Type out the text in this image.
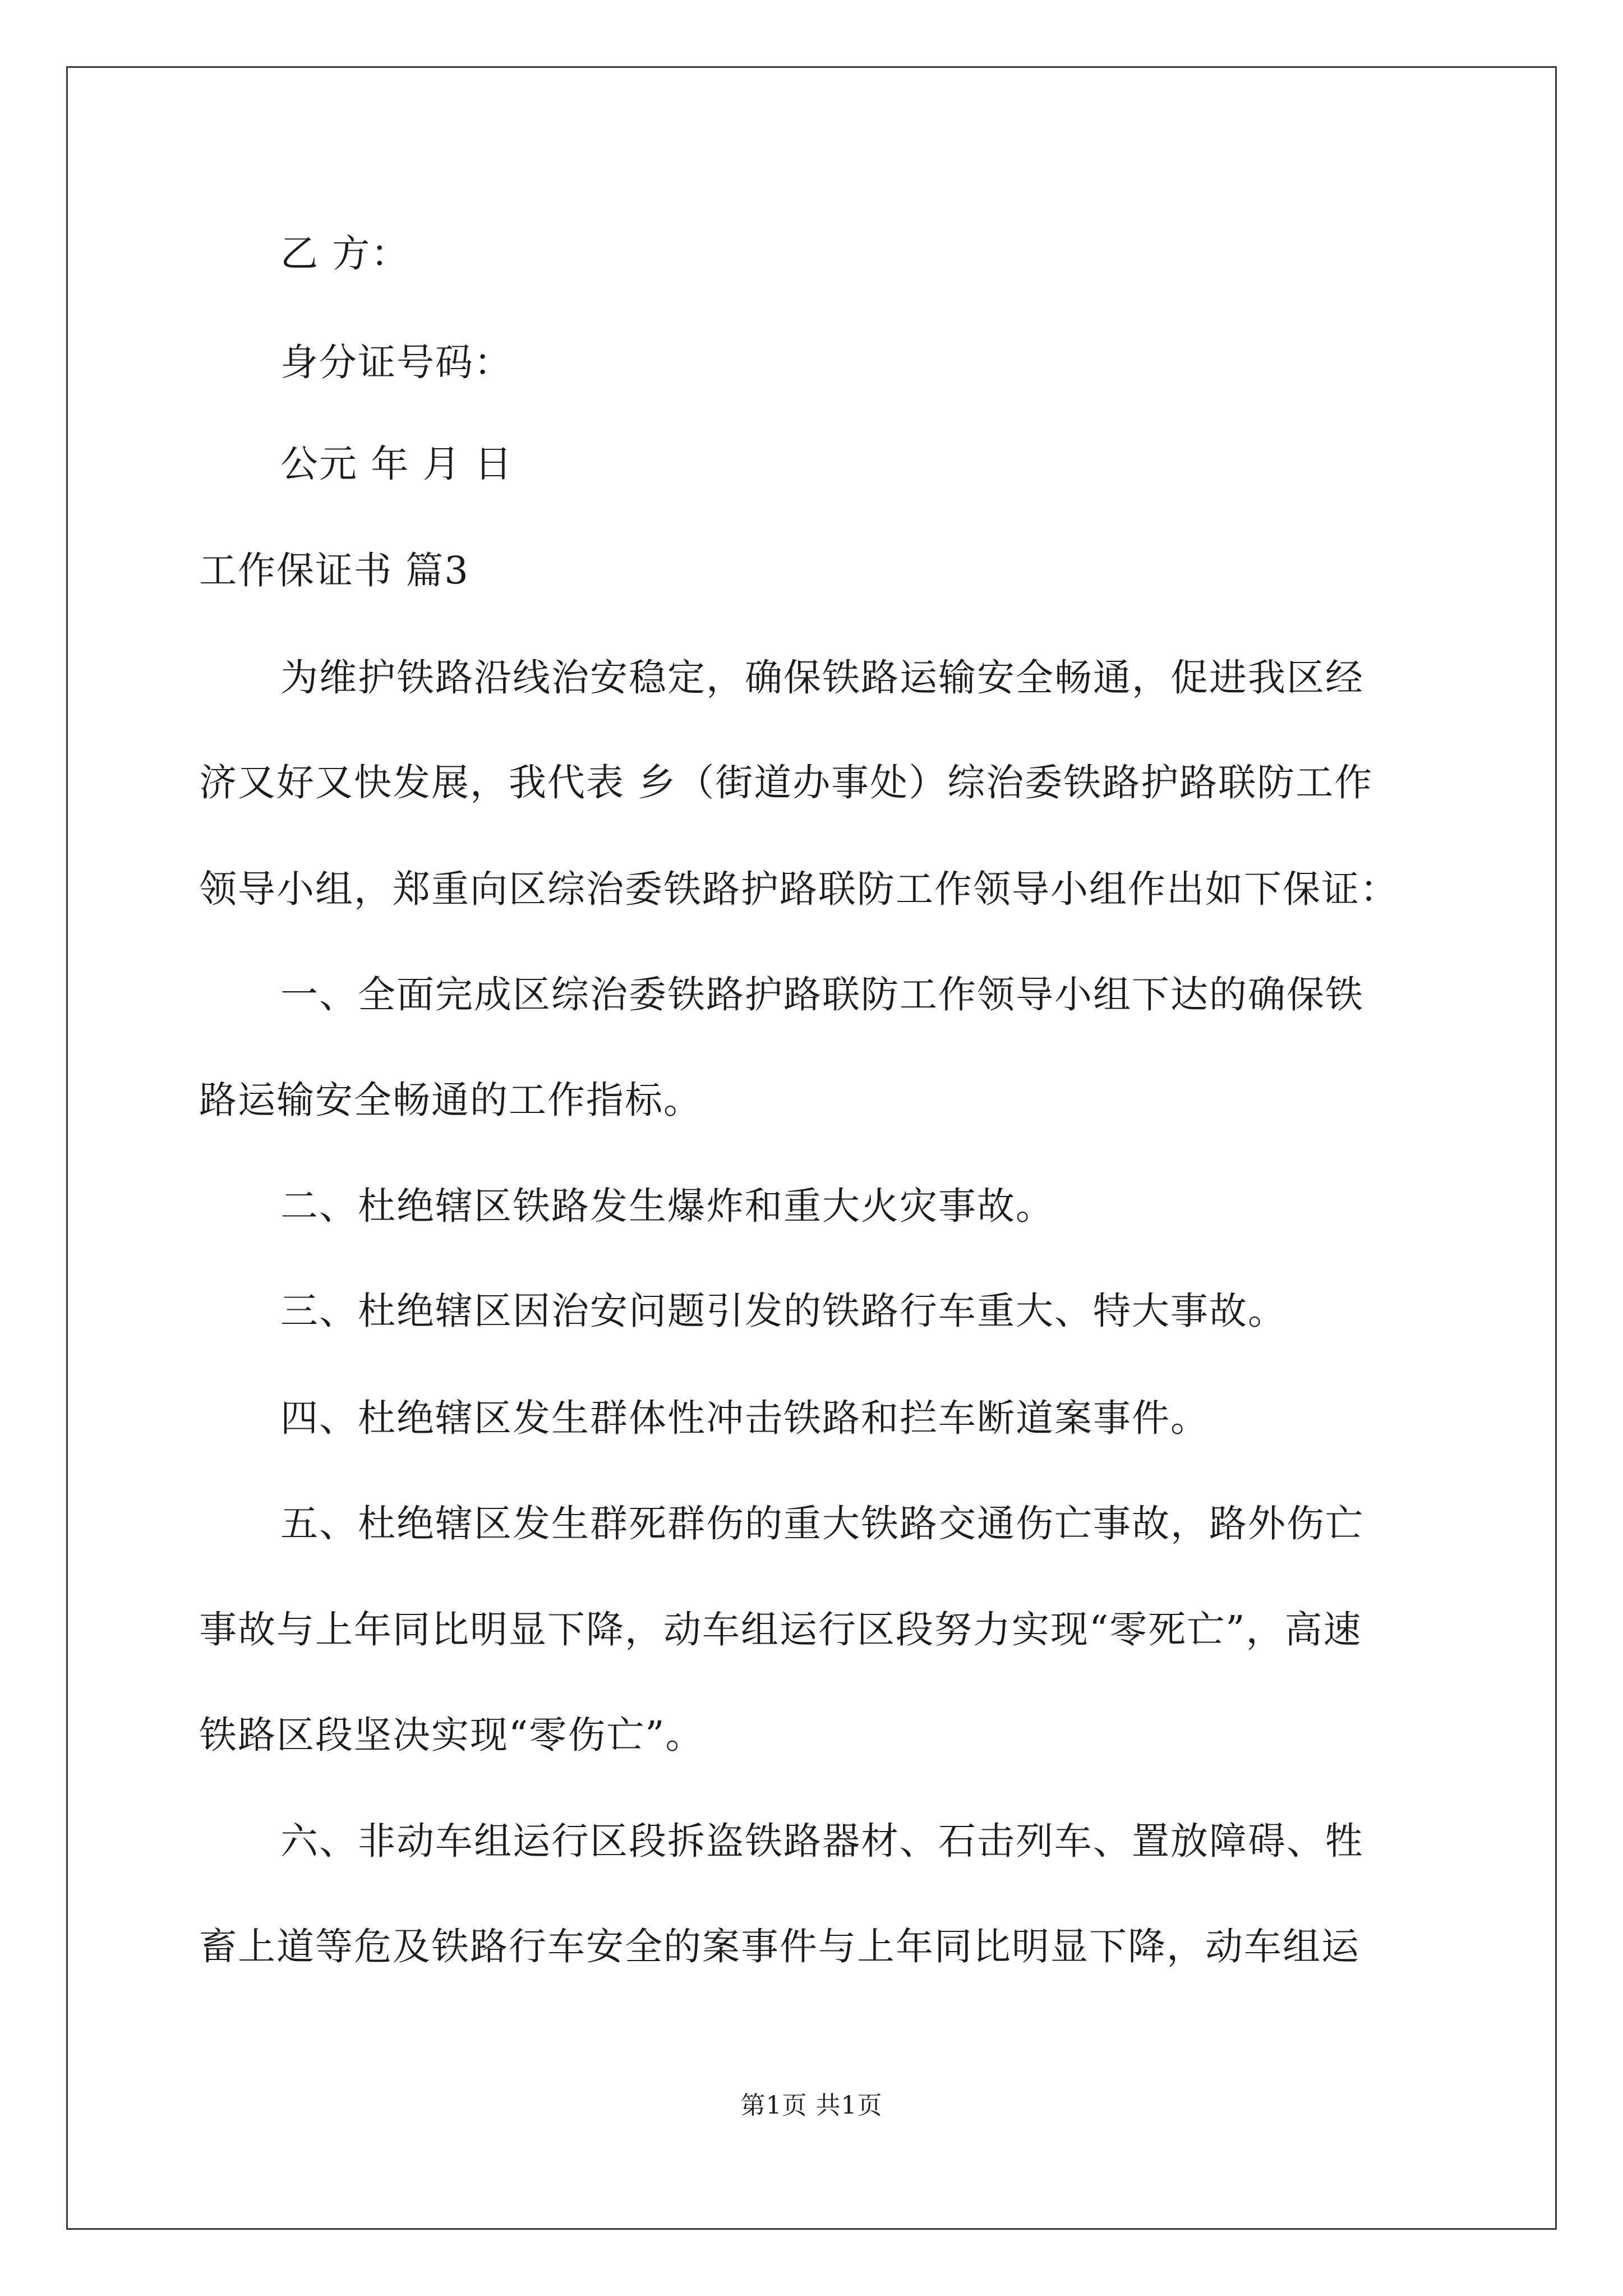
乙 方：
身分证号码：
公元 年 月 日
工作保证书 篇3
为维护铁路沿线治安稳定，确保铁路运输安全畅通，促进我区经
济又好又快发展，我代表 乡（街道办事处）综治委铁路护路联防工作
领导小组，郑重向区综治委铁路护路联防工作领导小组作出如下保证：
一、全面完成区综治委铁路护路联防工作领导小组下达的确保铁
路运输安全畅通的工作指标。
二、杜绝辖区铁路发生爆炸和重大火灾事故。
三、杜绝辖区因治安问题引发的铁路行车重大、特大事故。
四、杜绝辖区发生群体性冲击铁路和拦车断道案事件。
五、杜绝辖区发生群死群伤的重大铁路交通伤亡事故，路外伤亡
事故与上年同比明显下降，动车组运行区段努力实现“零死亡”，高速
铁路区段坚决实现“零伤亡”。
六、非动车组运行区段拆盗铁路器材、石击列车、置放障碍、牲
畜上道等危及铁路行车安全的案事件与上年同比明显下降，动车组运
第1页 共1页
